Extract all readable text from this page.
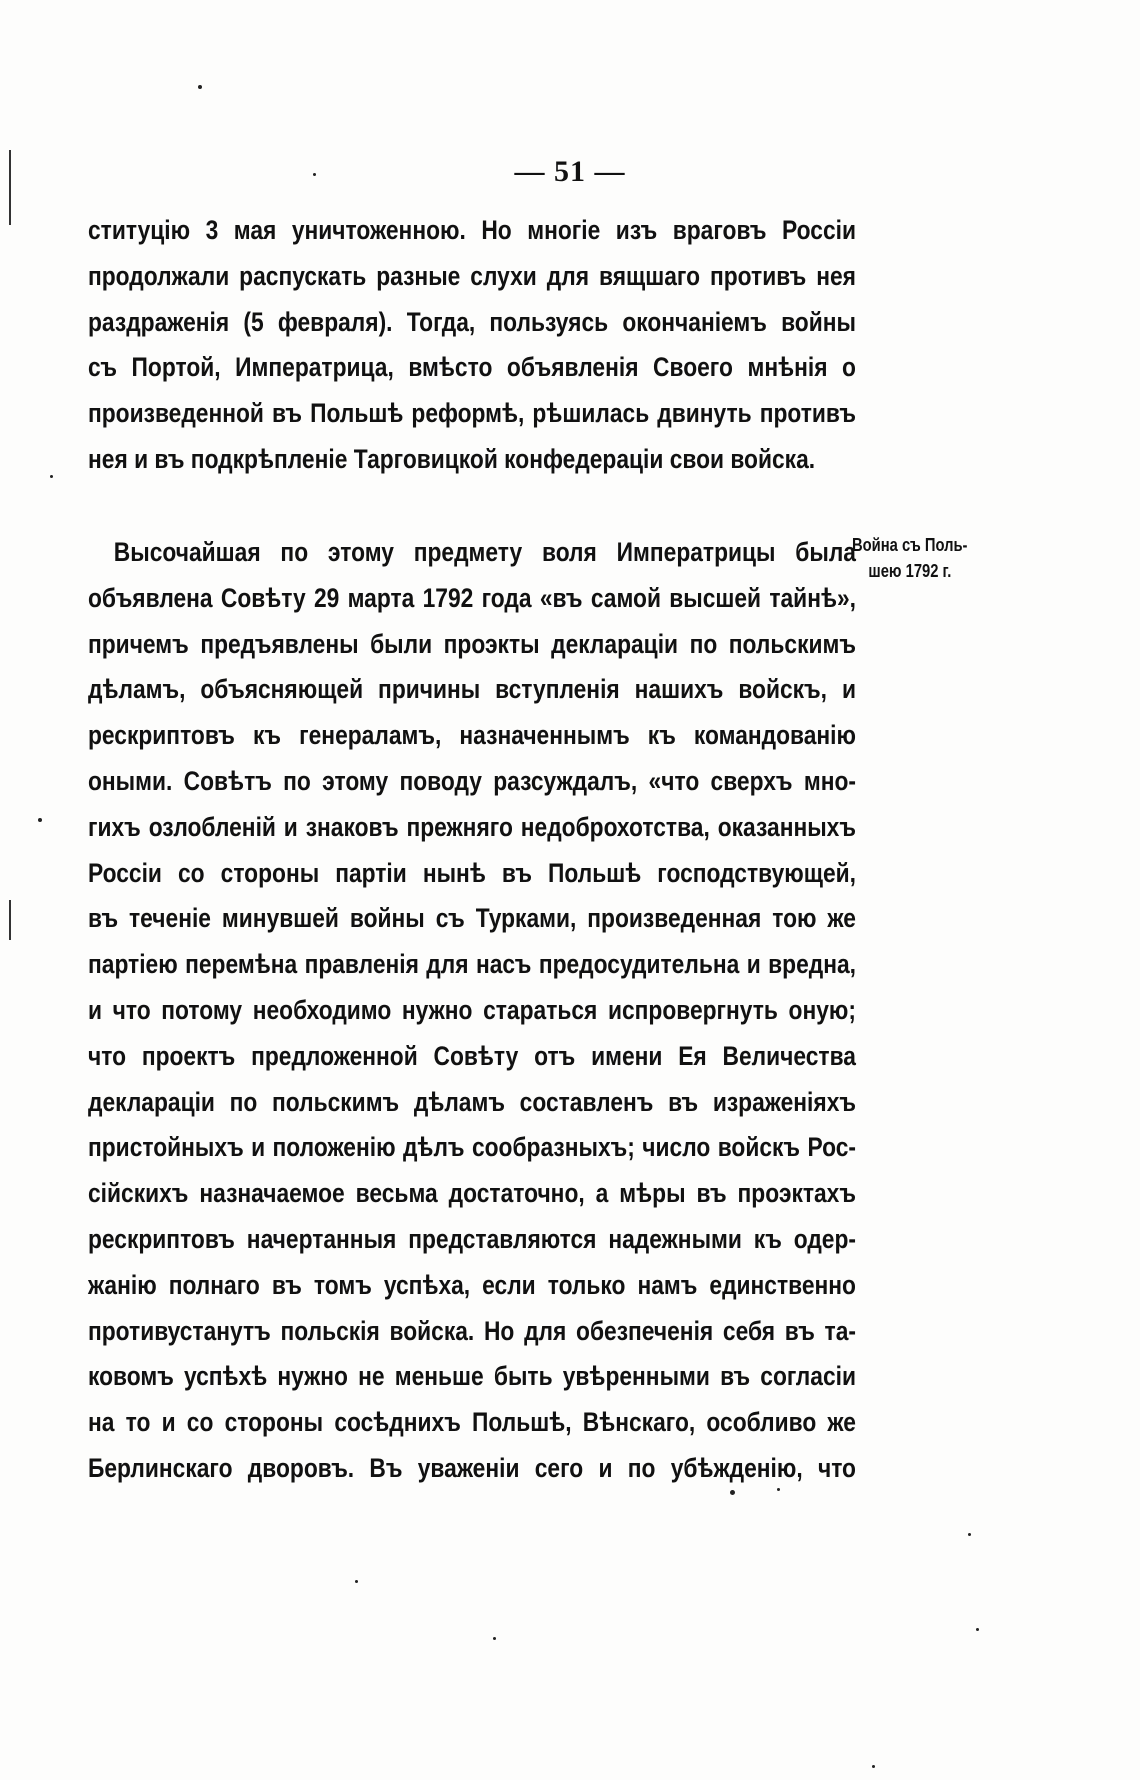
— 51 —
ституцію 3 мая уничтоженною. Но многіе изъ враговъ Россіи
продолжали распускать разные слухи для вящшаго противъ нея
раздраженія (5 февраля). Тогда, пользуясь окончаніемъ войны
съ Портой, Императрица, вмѣсто объявленія Своего мнѣнія о
произведенной въ Польшѣ реформѣ, рѣшилась двинуть противъ
нея и въ подкрѣпленіе Тарговицкой конфедераціи свои войска.
Высочайшая по этому предмету воля Императрицы была
объявлена Совѣту 29 марта 1792 года «въ самой высшей тайнѣ»,
причемъ предъявлены были проэкты деклараціи по польскимъ
дѣламъ, объясняющей причины вступленія нашихъ войскъ, и
рескриптовъ къ генераламъ, назначеннымъ къ командованію
оными. Совѣтъ по этому поводу разсуждалъ, «что сверхъ мно-
гихъ озлобленій и знаковъ прежняго недоброхотства, оказанныхъ
Россіи со стороны партіи нынѣ въ Польшѣ господствующей,
въ теченіе минувшей войны съ Турками, произведенная тою же
партіею перемѣна правленія для насъ предосудительна и вредна,
и что потому необходимо нужно стараться испровергнуть оную;
что проектъ предложенной Совѣту отъ имени Ея Величества
деклараціи по польскимъ дѣламъ составленъ въ израженіяхъ
пристойныхъ и положенію дѣлъ сообразныхъ; число войскъ Рос-
сійскихъ назначаемое весьма достаточно, а мѣры въ проэктахъ
рескриптовъ начертанныя представляются надежными къ одер-
жанію полнаго въ томъ успѣха, если только намъ единственно
противустанутъ польскія войска. Но для обезпеченія себя въ та-
ковомъ успѣхѣ нужно не меньше быть увѣренными въ согласіи
на то и со стороны сосѣднихъ Польшѣ, Вѣнскаго, особливо же
Берлинскаго дворовъ. Въ уваженіи сего и по убѣжденію, что
Война съ Поль-
шею 1792 г.
